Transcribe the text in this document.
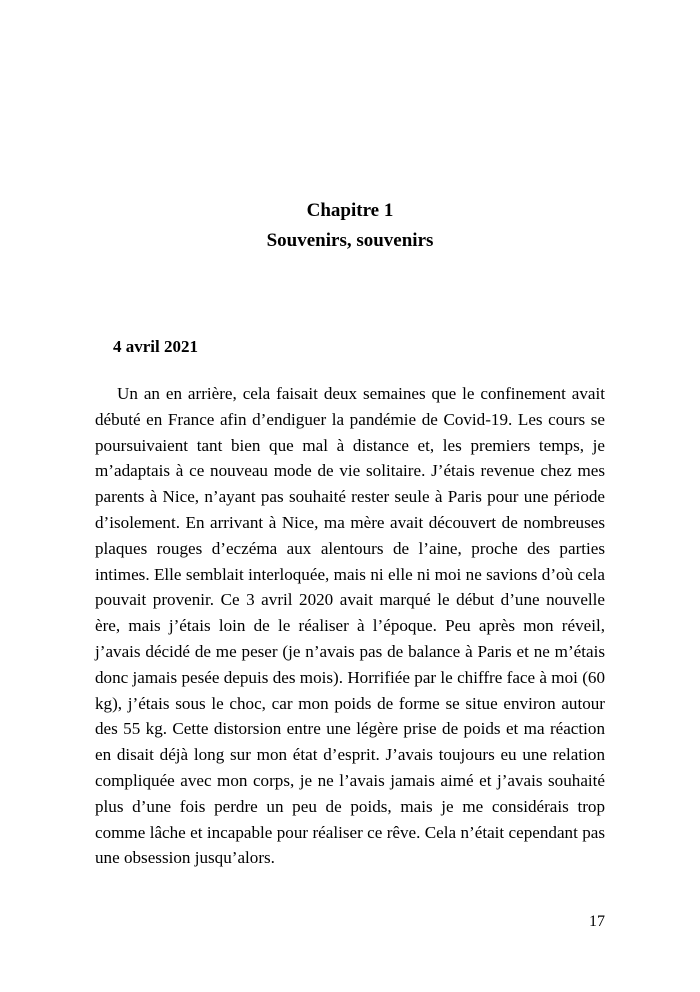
Chapitre 1
Souvenirs, souvenirs

4 avril 2021

Un an en arrière, cela faisait deux semaines que le confinement avait débuté en France afin d’endiguer la pandémie de Covid-19. Les cours se poursuivaient tant bien que mal à distance et, les premiers temps, je m’adaptais à ce nouveau mode de vie solitaire. J’étais revenue chez mes parents à Nice, n’ayant pas souhaité rester seule à Paris pour une période d’isolement. En arrivant à Nice, ma mère avait découvert de nombreuses plaques rouges d’eczéma aux alentours de l’aine, proche des parties intimes. Elle semblait interloquée, mais ni elle ni moi ne savions d’où cela pouvait provenir. Ce 3 avril 2020 avait marqué le début d’une nouvelle ère, mais j’étais loin de le réaliser à l’époque. Peu après mon réveil, j’avais décidé de me peser (je n’avais pas de balance à Paris et ne m’étais donc jamais pesée depuis des mois). Horrifiée par le chiffre face à moi (60 kg), j’étais sous le choc, car mon poids de forme se situe environ autour des 55 kg. Cette distorsion entre une légère prise de poids et ma réaction en disait déjà long sur mon état d’esprit. J’avais toujours eu une relation compliquée avec mon corps, je ne l’avais jamais aimé et j’avais souhaité plus d’une fois perdre un peu de poids, mais je me considérais trop comme lâche et incapable pour réaliser ce rêve. Cela n’était cependant pas une obsession jusqu’alors.

17
